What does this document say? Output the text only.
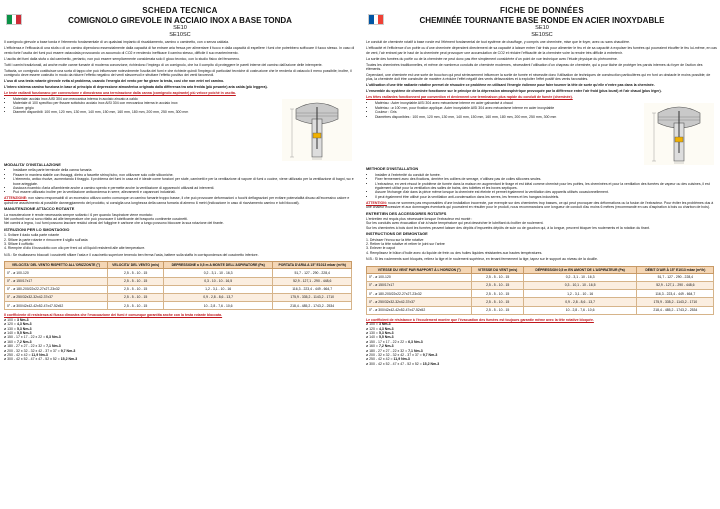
SCHEDA TECNICA
COMIGNOLO GIREVOLE IN ACCIAIO INOX A BASE TONDA
SE10
SE10SC

Il comignolo girevole a base tonda è l'elemento fondamentale di un qualsiasi impianto di riscaldamento, camino o caminetto, con o senza caldaia.

L'efficienza e l'efficacia di una stufa o di un camino dipendono essenzialmente dalla capacità di far entrare aria fresca per alimentare il fuoco e dalla capacità di espellere i fumi che potrebbero soffocare il fuoco stesso. In caso di vento forte l'uscita dei fumi può essere ostacolata provocando un accumulo di CO2 e rendendo inefficace il camino stesso, difficile il suo mantenimento.

L'uscita dei fumi dalla stufa o dal caminetto, pertanto, non può essere semplicemente considerata solo il gioco tecnico, con lo studio fisico del fenomeno.

Tutti i camini tradizionali, ad anche molte canne fumarie di moderna concezione, richiedono l'impiego di un comignolo, che ha il compito di proteggere le pareti interne del camino dall'azione delle intemperie.

Tuttavia, un comignolo costituisce una sorta di tappo che può influenzare notevolmente l'uscita del fumi e che richiede quindi l'impiego di particolari tecniche di costruzione che le renderla di ostacolo il meno possibile; inoltre, il comignolo deve essere costruito in modo da ridurre l'effetto negativo dei venti sfavorevoli e sfruttare l'effetto positivo dei venti favorevoli.

L'uso di una testa rotante girevole evita al problema, usando l'energia del vento per far girare la testa, così che non entri nel camino.

L'intero sistema camino funziona in base al principio di depressione atmosferica originata dalla differenza tra aria fredda (più pesante) aria calda (più leggera).

Le teste radianti funzionano per convenzione e dimostrano una terminazione dalla canna (comignolo aspirante) più veloce poiché in uscita.

• Materiale: acciaio inox AISI 304 con meccanica interna in acciaio zincato a caldo
• Materiale di 100 specifico per fissare sottotubo acciaio inox AISI 304 con meccanica interna in acciaio inox
• Colore: grigio
• Diametri disponibili: 100 mm, 120 mm, 130 mm, 140 mm, 150 mm, 160 mm, 180 mm, 200 mm, 250 mm, 300 mm
MODALITA' D'INSTALLAZIONE
• Installare nella parte terminale della canna fumaria
• Fissare in maniera stabile con fissaggi, dietro a fascette strinqi tubo, non utilizzare solo colle siliconiche.
• L'elemento, antico risolve, aumentando il tiraggio. Il problema dei fumi in casa ed è ideale come funzioni per stufe, caminetti e per la ventilazione di vapore di fumi o cucine, viene utilizzato per la ventilazione di bagni, wc e boxe arieggiate.
• Assicura ricambio d'aria all'ambiente anche a camino spento e permette anche la ventilazione di apparecchi utilizzati ad interventi.
• Può essere utilizzato inoltre per la ventilazione anticondensa in serre, allevamenti e capannoni industriali.

ATTENZIONE: non siamo responsabili di un eccessivo utilizzo contro comunque un camino fumarie troppo basse, il che può provocare deformazioni o fuochi deflagrazioni per evitare potenzialità disuso all'eccessivo calore e quindi ne assolvimento al possibile danneggiamento del prodotto, si consiglia una lunghezza della canna fumaria di almeno 6 metri (indicazione in caso di riavviamento camino e tubi bloccati).

MANUTENZIONE ATTACCO ROTANTE
La manutenzione è rende necessaria sempre soltanto i 6 per quando l'aspiratore viene montato:
Nei confronti non si sono rifatto ad alle temperature che può provocare il lubrificante del trasporto continente cuscinetti.
Nei camini a legna, i cui fumi possono lasciare residui oleosi del fuliggine è carbone che a lungo possono bloccare la sua rotazione del tirante.
ISTRUZIONI PER LO SMONTAGGIO
1. Svitare il dado sulla parte rotante
2. Sfilare la parte rotante e rimuovere il sigillo sull'asta
3. Sfilare il cuffiotto
4. Riempire d'olio il bussolotto con olio per freni od oli liquidi resistenti alle alte temperature.

N.B.: Se risultassero bloccati i cuscinetti sfilare l'asta e il cuscinetto superiore tenendo ben ferma l'asta, battere sulla staffa in corrispondenza del cuscinetto inferiore.

VELOCITA' DEL VENTO RISPETTO ALL'ORIZZONTE (°)	VELOCITA' DEL VENTO (m/s)	DEPRESSIONE a 0,5 m A MONTE DELL'ASPIRATORE (Pa)	PORTATA D'ARIA A 15° E1013 mbar (m³/h)
0° - ø 100-120	2,5 - 5 - 10 - 15	0,2 - 3,1 - 10 - 16,3	51,7 - 127 - 290 - 228,4
0° - ø 150/17x17	2,5 - 5 - 10 - 15	0,3 - 10 - 10 - 16,5	52,9 - 127,1 - 290 - 448,6
0° - ø 180-200/22x22-27x27-23x32	2,5 - 5 - 10 - 15	1,2 - 3,1 - 10 - 16	116,3 - 223,4 - 449 - 664,7
0° - ø 250/32x32-32x42-37x37	2,5 - 5 - 10 - 15	0,9 - 2,8 - 8,6 - 13,7	175,9 - 335,2 - 1143,2 - 1710
0° - ø 300/42x42-42x52-47x47-52x52	2,5 - 5 - 10 - 15	10 - 2,8 - 7,6 - 10,6	218,4 - 485,2 - 1743,2 - 2534
Il coefficiente di resistenza al flusso dimostra che l'evacuazione dei fumi è comunque garantita anche con la testa rotante bloccata.
ø 100 = 3 Nm-3
ø 120 = 4,3 Nm-3
ø 130 = 5,3 Nm-3
ø 140 = 5,5 Nm-3
ø 150 - 17 x 17 - 22 x 22 = 6,3 Nm-3
ø 160 = 7,2 Nm-3
ø 180 - 27 x 27 - 22 x 32 = 7,1 Nm-3
ø 200 - 32 x 32 - 32 x 42 - 37 x 37 = 9,7 Nm-3
ø 250 - 42 x 42 = 11,9 Nm-3
ø 300 - 42 x 52 - 47 x 47 - 52 x 52 = 15,2 Nm-3
FICHE DE DONNÉES
CHEMINÉE TOURNANTE BASE RONDE EN ACIER INOXYDABLE
SE10
SE10SC

Le conduit de cheminée rotatif à base ronde est l'élément fondamental de tout système de chauffage, y compris une cheminée, mise que le foyer, avec ou sans chaudière.

L'efficacité et l'efficience d'un poêle ou d'une cheminée dépendent directement de sa capacité à laisser entrer l'air frais pour alimenter le feu et de sa capacité à expulser les fumées qui pourraient étouffer le feu lui-même, en cas de vent, l'air entrant par le haut de la cheminée peut provoquer une accumulation de CO2 et réduire l'efficacité de la cheminée voire la rendre très difficile à entretenir.

La sortie des fumées du poêle ou de la cheminée ne peut donc pas être simplement considérée d'un point de vue technique avec l'étude physique du phénomène.

Toutes les cheminées traditionnelles, et même de nombreux conduits de cheminée modernes, nécessitent l'utilisation d'un chapeau de cheminée, qui a pour tâche de protéger les parois internes du foyer de l'action des éléments.

Cependant, une cheminée est une sorte de bouchon qui peut sérieusement influencer la sortie de fumée et nécessite donc l'utilisation de techniques de construction particulières qui en font un obstacle le moins possible; de plus, la cheminée doit être construite de manière à réduire l'effet négatif des vents défavorables et à exploiter l'effet positif des vents favorables.

L'utilisation d'une tête radiante rotative permet de résoudre ce problème en utilisant l'énergie éolienne pour faire tourner la tête de sorte qu'elle n'entre pas dans la cheminée.

L'ensemble du système de cheminée fonctionne sur le principe de la dépression atmosphérique provoquée par la différence entre l'air froid (plus lourd) et l'air chaud (plus léger).

Les têtes radiantes fonctionnent par convention et deviennent une terminaison plus rapide du conduit de fumée (cheminée).

• Matériau : Acier inoxydable AISI 304 avec mécanisme interne en acier galvanisé à chaud
• Matériau : ø 100 mm, pour fixation applique. Acier inoxydable AISI 304 avec mécanisme interne en acier inoxydable
• Couleur : Gris
• Diamètres disponibles : 100 mm, 120 mm, 130 mm, 140 mm, 150 mm, 160 mm, 180 mm, 200 mm, 250 mm, 300 mm
METHODE D'INSTALLATION
• Installer à l'extrémité du conduit de fumée.
• Fixer fermement avec des fixations, derrière les colliers de serrage, n'utilisez pas de colles silicones seules.
• L'extracteur, en vent résout le problème de fumée dans la maison en augmentant le tirage et est idéal comme chemisé pour les poêles, les cheminées et pour la ventilation des fumées de vapeur ou des cuisines, il est également utilisé pour la ventilation des salles de bains, des toilettes et les boxes septiques.
• Assure l'échange d'air dans la pièce même lorsque la cheminée est éteinte et permet également la ventilation des appareils utilisés occasionnellement.
• Il peut également être utilisé pour la ventilation anti-condensation dans les serres, les fermes et les hangars industriels.

ATTENTION: nous ne sommes pas responsables d'une installation incorrecte, par exemple sur des cheminées trop basses, ce qui peut provoquer des déformations ou la fusion de l'extracteur. Pour éviter les problèmes dus à une chaleur excessive et aux dommages éventuels qui pourraient en résulter pour le produit, nous recommandons une longueur de conduit d'au moins 6 mètres (recommandé en cas d'aspiration à bois ou charbon de bois).

ENTRETIEN DES ACCESSOIRES ROTATIFS
L'entretien est requis plus nécessaire lorsque l'extracteur est monté :
Sur les conduits avec évacuation d'air à haute température qui peut dessécher le lubrifiant du boîtier de roulement.
Sur les cheminées à bois dont les fumées peuvent laisser des dépôts d'impuretés dépôts de suie ou de goudron qui, à la longue, peuvent bloquer les roulements et la rotation du tirant.
INSTRUCTIONS DE DEMONTAGE
1. Dévisser l'écrou sur la tête rotative
2. Retirer la tête rotative et retirer le joint sur l'arbre
3. Enlever le capot
4. Remplissez le bûton d'huile avec du liquide de frein ou des huiles liquides résistantes aux hautes températures.

N.B.: Si les roulements sont bloqués, retirez la tige et le roulement supérieur, en tenant fermement la tige, tapez sur le support au niveau de la douille.

VITESSE DU VENT PAR RAPPORT À L'HORIZON (°)	VITESSE DU VENT (m/s)	DÉPRESSION 0,5 m EN AMONT DE L'ASPIRATEUR (Pa)	DÉBIT D'AIR À 15° E1013 mbar (m³/h)
0° - ø 100-120	2,5 - 5 - 10 - 15	0,2 - 3,1 - 10 - 16,3	51,7 - 127 - 290 - 228,4
0° - ø 150/17x17	2,5 - 5 - 10 - 15	0,3 - 10,1 - 10 - 16,5	52,9 - 127,1 - 290 - 448,6
0° - ø 180-200/22x22-27x27-23x32	2,5 - 5 - 10 - 15	1,2 - 3,1 - 10 - 16	116,3 - 223,4 - 449 - 664,7
0° - ø 250/32x32-32x42-37x37	2,5 - 5 - 10 - 15	0,9 - 2,8 - 8,6 - 13,7	175,9 - 335,2 - 1143,2 - 1710
0° - ø 300/42x42-42x52-47x47-52x52	2,5 - 5 - 10 - 15	10 - 2,8 - 7,6 - 10,6	218,4 - 485,2 - 1743,2 - 2534
Le coefficient de résistance à l'écoulement montre que l'évacuation des fumées est toujours garantie même avec la tête rotative bloquée.
ø 100 = 3 Nm-3
ø 120 = 4,3 Nm-3
ø 130 = 5,3 Nm-3
ø 140 = 5,5 Nm-3
ø 150 - 17 x 17 - 22 x 22 = 6,3 Nm-3
ø 160 = 7,2 Nm-3
ø 180 - 27 x 27 - 22 x 32 = 7,1 Nm-3
ø 200 - 32 x 32 - 32 x 42 - 37 x 37 = 9,7 Nm-3
ø 250 - 42 x 42 = 11,9 Nm-3
ø 300 - 42 x 52 - 47 x 47 - 52 x 52 = 15,2 Nm-3
